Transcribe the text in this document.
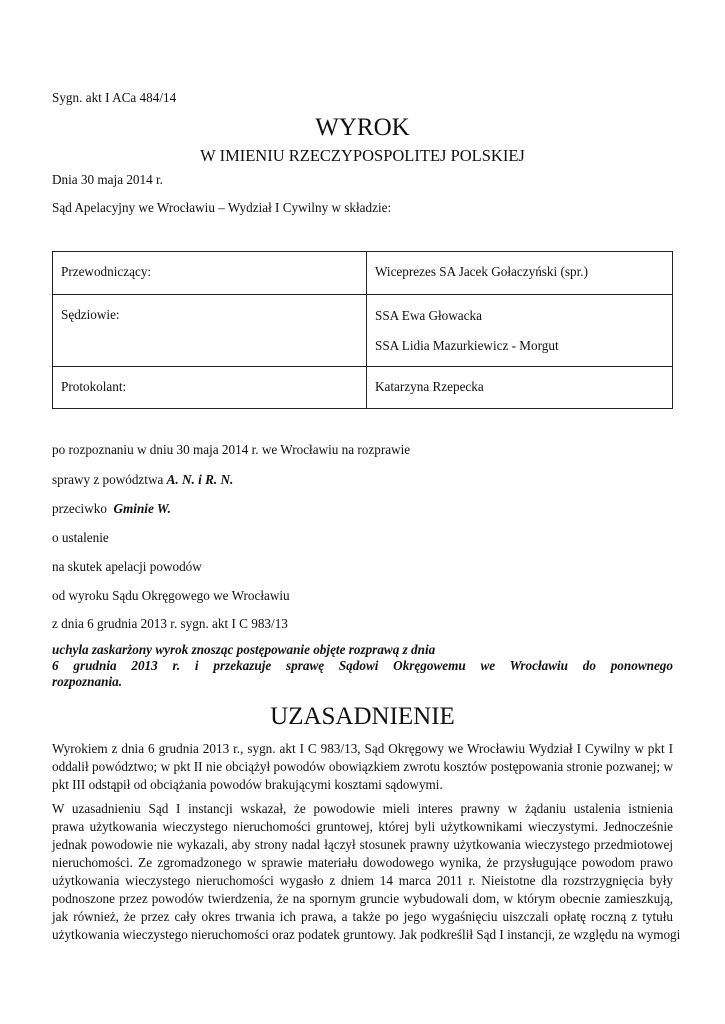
Sygn. akt I ACa 484/14
WYROK
W IMIENIU RZECZYPOSPOLITEJ POLSKIEJ
Dnia 30 maja 2014 r.
Sąd Apelacyjny we Wrocławiu – Wydział I Cywilny w składzie:
Przewodniczący:	Wiceprezes SA Jacek Gołaczyński (spr.)
Sędziowie:	SSA Ewa Głowacka
SSA Lidia Mazurkiewicz - Morgut

Protokolant:	Katarzyna Rzepecka
po rozpoznaniu w dniu 30 maja 2014 r. we Wrocławiu na rozprawie
sprawy z powództwa A. N. i R. N.
przeciwko  Gminie W.
o ustalenie
na skutek apelacji powodów
od wyroku Sądu Okręgowego we Wrocławiu
z dnia 6 grudnia 2013 r. sygn. akt I C 983/13
uchyla zaskarżony wyrok znosząc postępowanie objęte rozprawą z dnia
6 grudnia 2013 r. i przekazuje sprawę Sądowi Okręgowemu we Wrocławiu do ponownego
rozpoznania.
UZASADNIENIE
Wyrokiem z dnia 6 grudnia 2013 r., sygn. akt I C 983/13, Sąd Okręgowy we Wrocławiu Wydział I Cywilny w pkt I
oddalił powództwo; w pkt II nie obciążył powodów obowiązkiem zwrotu kosztów postępowania stronie pozwanej; w
pkt III odstąpił od obciążania powodów brakującymi kosztami sądowymi.
W uzasadnieniu Sąd I instancji wskazał, że powodowie mieli interes prawny w żądaniu ustalenia istnienia
prawa użytkowania wieczystego nieruchomości gruntowej, której byli użytkownikami wieczystymi. Jednocześnie
jednak powodowie nie wykazali, aby strony nadal łączył stosunek prawny użytkowania wieczystego przedmiotowej
nieruchomości. Ze zgromadzonego w sprawie materiału dowodowego wynika, że przysługujące powodom prawo
użytkowania wieczystego nieruchomości wygasło z dniem 14 marca 2011 r. Nieistotne dla rozstrzygnięcia były
podnoszone przez powodów twierdzenia, że na spornym gruncie wybudowali dom, w którym obecnie zamieszkują,
jak również, że przez cały okres trwania ich prawa, a także po jego wygaśnięciu uiszczali opłatę roczną z tytułu
użytkowania wieczystego nieruchomości oraz podatek gruntowy. Jak podkreślił Sąd I instancji, ze względu na wymogi
